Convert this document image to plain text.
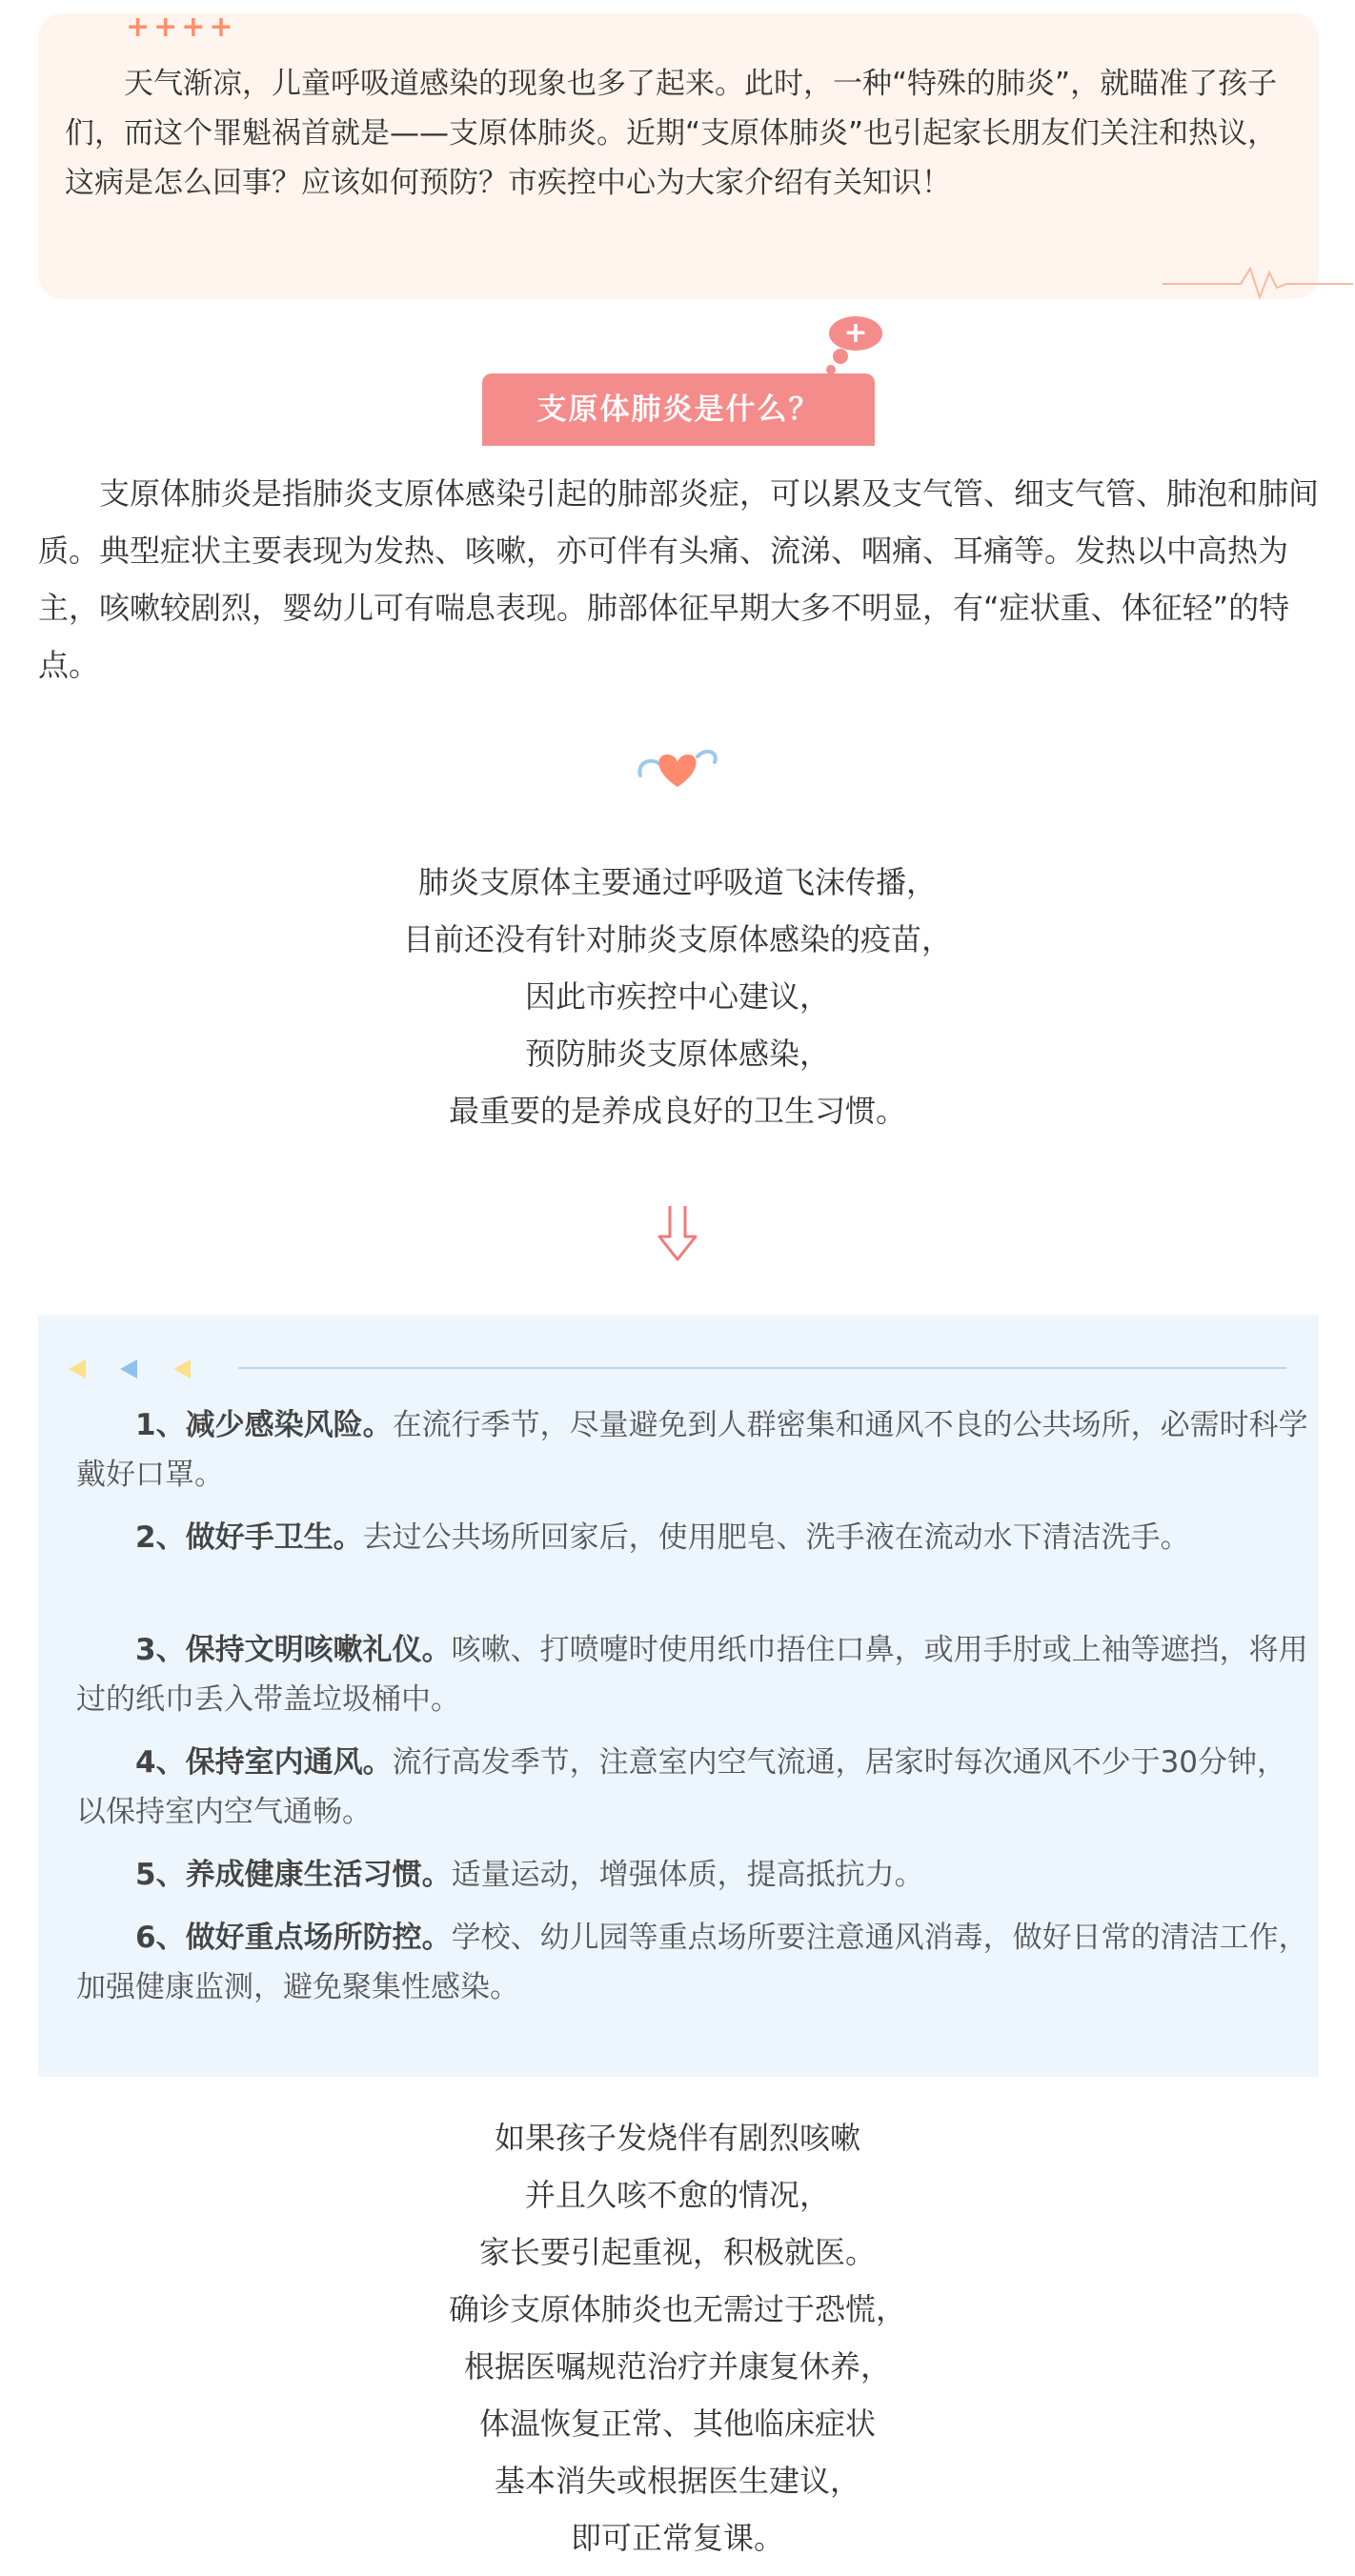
++++

天气渐凉，儿童呼吸道感染的现象也多了起来。此时，一种“特殊的肺炎”，就瞄准了孩子们，而这个罪魁祸首就是——支原体肺炎。近期“支原体肺炎”也引起家长朋友们关注和热议，这病是怎么回事？应该如何预防？市疾控中心为大家介绍有关知识！

+
支原体肺炎是什么？

支原体肺炎是指肺炎支原体感染引起的肺部炎症，可以累及支气管、细支气管、肺泡和肺间质。典型症状主要表现为发热、咳嗽，亦可伴有头痛、流涕、咽痛、耳痛等。发热以中高热为主，咳嗽较剧烈，婴幼儿可有喘息表现。肺部体征早期大多不明显，有“症状重、体征轻”的特点。

肺炎支原体主要通过呼吸道飞沫传播，
目前还没有针对肺炎支原体感染的疫苗，
因此市疾控中心建议，
预防肺炎支原体感染，
最重要的是养成良好的卫生习惯。

1、减少感染风险。在流行季节，尽量避免到人群密集和通风不良的公共场所，必需时科学戴好口罩。

2、做好手卫生。去过公共场所回家后，使用肥皂、洗手液在流动水下清洁洗手。

3、保持文明咳嗽礼仪。咳嗽、打喷嚏时使用纸巾捂住口鼻，或用手肘或上袖等遮挡，将用过的纸巾丢入带盖垃圾桶中。

4、保持室内通风。流行高发季节，注意室内空气流通，居家时每次通风不少于30分钟，以保持室内空气通畅。

5、养成健康生活习惯。适量运动，增强体质，提高抵抗力。

6、做好重点场所防控。学校、幼儿园等重点场所要注意通风消毒，做好日常的清洁工作，加强健康监测，避免聚集性感染。

如果孩子发烧伴有剧烈咳嗽
并且久咳不愈的情况，
家长要引起重视，积极就医。
确诊支原体肺炎也无需过于恐慌，
根据医嘱规范治疗并康复休养，
体温恢复正常、其他临床症状
基本消失或根据医生建议，
即可正常复课。
